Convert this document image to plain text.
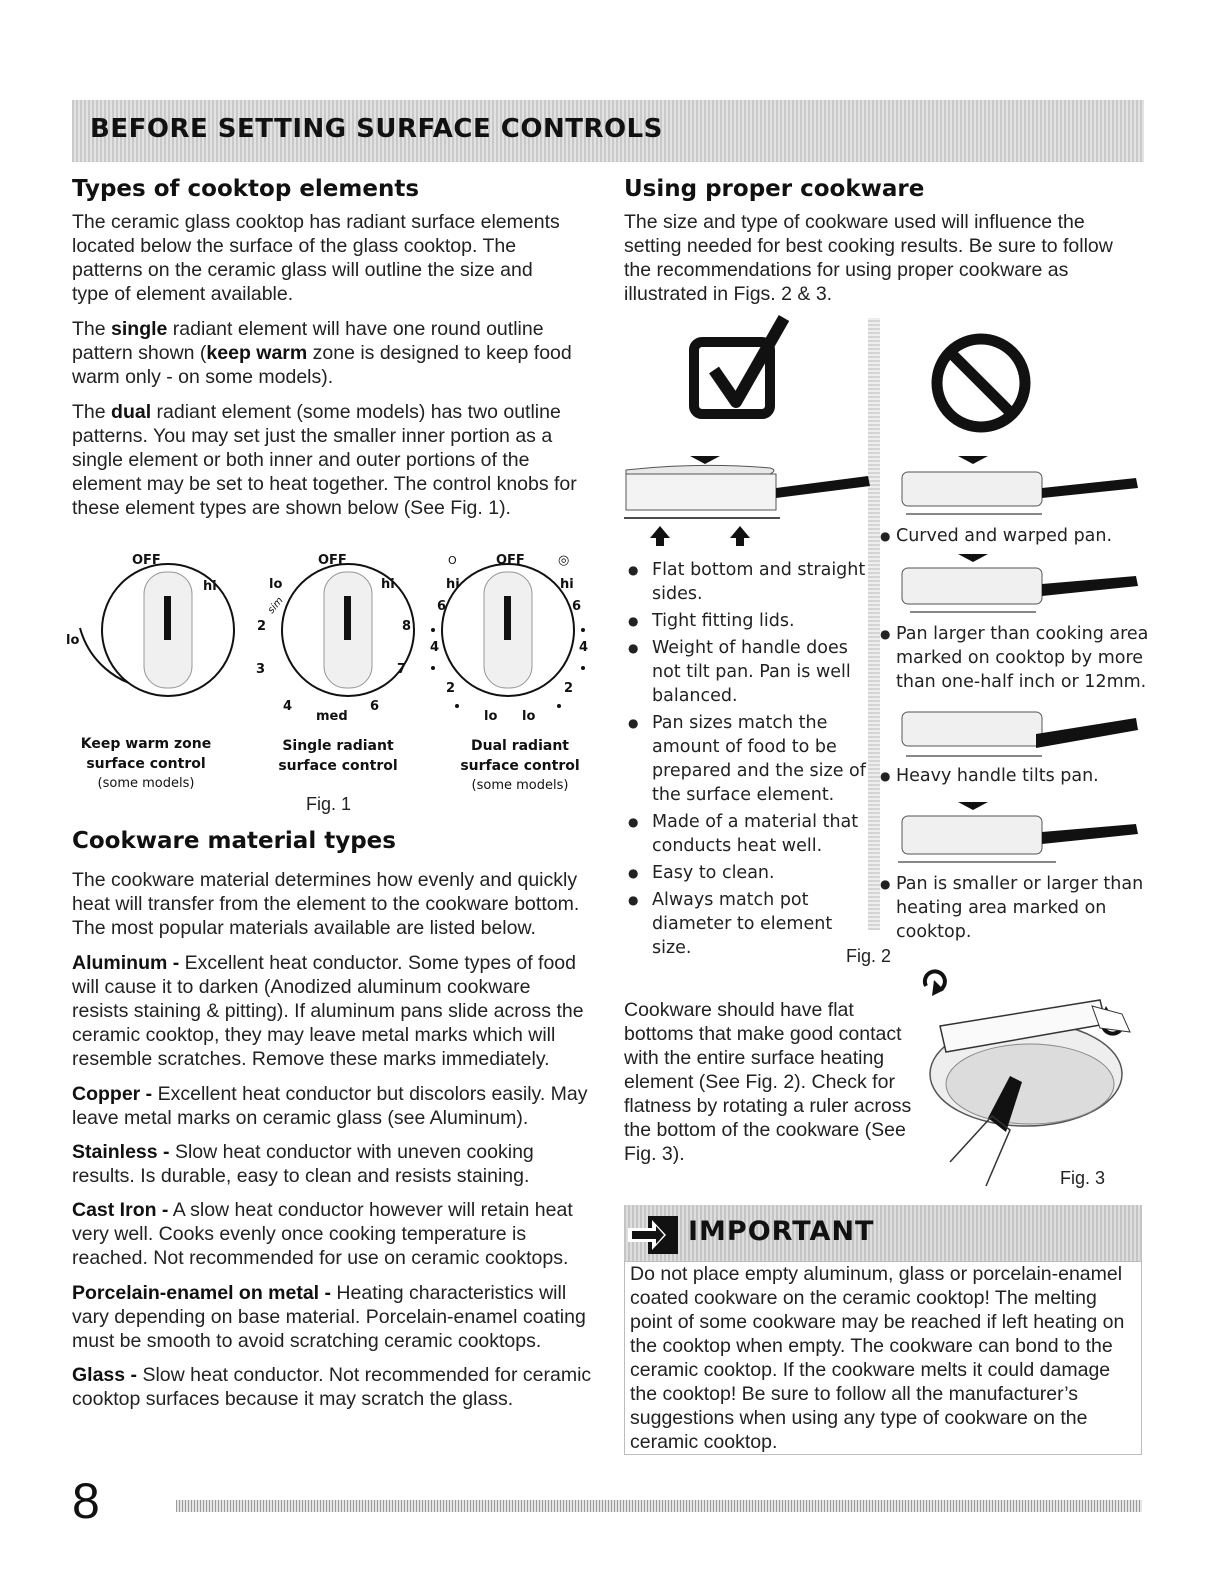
BEFORE SETTING SURFACE CONTROLS
Types of cooktop elements

The ceramic glass cooktop has radiant surface elements located below the surface of the glass cooktop. The patterns on the ceramic glass will outline the size and type of element available.

The single radiant element will have one round outline pattern shown (keep warm zone is designed to keep food warm only - on some models).

The dual radiant element (some models) has two outline patterns. You may set just the smaller inner portion as a single element or both inner and outer portions of the element may be set to heat together. The control knobs for these element types are shown below (See Fig. 1).

OFF
hi
lo
OFF
lo	hi
2
3
4
med
6
7
8
sim
O	OFF	◎
hi	hi
6	6
4	4
2	2
lo lo
Keep warm zone
surface control
(some models)
Single radiant
surface control
Dual radiant
surface control
(some models)
Fig. 1
Cookware material types

The cookware material determines how evenly and quickly heat will transfer from the element to the cookware bottom. The most popular materials available are listed below.

Aluminum - Excellent heat conductor. Some types of food will cause it to darken (Anodized aluminum cookware resists staining & pitting). If aluminum pans slide across the ceramic cooktop, they may leave metal marks which will resemble scratches. Remove these marks immediately.

Copper - Excellent heat conductor but discolors easily. May leave metal marks on ceramic glass (see Aluminum).

Stainless - Slow heat conductor with uneven cooking results. Is durable, easy to clean and resists staining.

Cast Iron - A slow heat conductor however will retain heat very well. Cooks evenly once cooking temperature is reached. Not recommended for use on ceramic cooktops.

Porcelain-enamel on metal - Heating characteristics will vary depending on base material. Porcelain-enamel coating must be smooth to avoid scratching ceramic cooktops.

Glass - Slow heat conductor. Not recommended for ceramic cooktop surfaces because it may scratch the glass.

Using proper cookware

The size and type of cookware used will influence the setting needed for best cooking results. Be sure to follow the recommendations for using proper cookware as illustrated in Figs. 2 & 3.

● Flat bottom and straight sides.
● Tight fitting lids.
● Weight of handle does not tilt pan. Pan is well balanced.
● Pan sizes match the amount of food to be prepared and the size of the surface element.
● Made of a material that conducts heat well.
● Easy to clean.
● Always match pot diameter to element size.
● Curved and warped pan.
● Pan larger than cooking area marked on cooktop by more than one-half inch or 12mm.
● Heavy handle tilts pan.
● Pan is smaller or larger than heating area marked on cooktop.
Fig. 2

Cookware should have flat bottoms that make good contact with the entire surface heating element (See Fig. 2). Check for flatness by rotating a ruler across the bottom of the cookware (See Fig. 3).

Fig. 3
IMPORTANT

Do not place empty aluminum, glass or porcelain-enamel coated cookware on the ceramic cooktop! The melting point of some cookware may be reached if left heating on the cooktop when empty. The cookware can bond to the ceramic cooktop. If the cookware melts it could damage the cooktop! Be sure to follow all the manufacturer’s suggestions when using any type of cookware on the ceramic cooktop.

8
